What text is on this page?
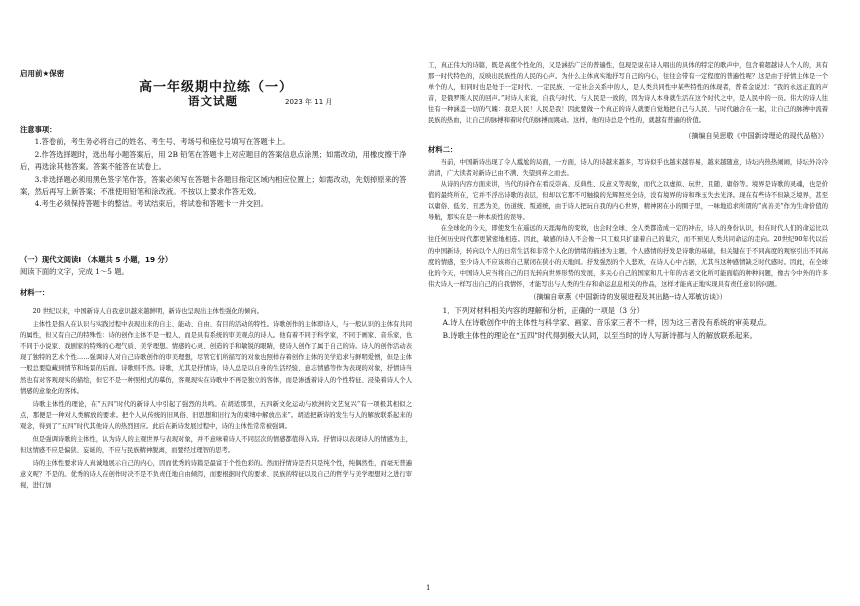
启用前★保密
高一年级期中拉练（一）
语文试题	2023 年 11 月
注意事项：

1.答卷前，考生务必将自己的姓名、考生号、考场号和座位号填写在答题卡上。

2.作答选择题时，选出每小题答案后，用 2B 铅笔在答题卡上对应题目的答案信息点涂黑；如需改动，用橡皮擦干净后，再选涂其他答案。答案不能答在试卷上。

3.非选择题必须用黑色签字笔作答，答案必须写在答题卡各题目指定区域内相应位置上；如需改动，先划掉原来的答案，然后再写上新答案；不准使用铅笔和涂改液。不按以上要求作答无效。

4.考生必须保持答题卡的整洁。考试结束后，将试卷和答题卡一并交回。

（一）现代文阅读Ⅰ （本题共 5 小题，19 分）
阅读下面的文字，完成 1～5 题。
材料一：

20 世纪以来，中国新诗人自我意识越来越鲜明，新诗也呈现出主体性强化的倾向。

主体性是指人在认识与实践过程中表现出来的自主、能动、自由、有目的活动的特性。诗歌创作的主体即诗人，与一般认识的主体有共同的属性，但又有自己的特殊性：诗的创作主体不是一般人，而是具有系统的审美观点的诗人。他有着不同于科学家，不同于画家、音乐家，也不同于小说家、戏剧家的特殊的心理气质、美学理想。情感的心灵、创造的手和敏锐的眼睛，使诗人创作了属于自己的诗。诗人的创作活动表现了独特的艺术个性……强调诗人对自己诗歌创作的审美理想，尽管它们所描写的对象也照样存着创作主体的美学追求与鲜明爱憎，但是主体一般总要隐藏到情节和场景的后面。诗歌则不然。诗歌，尤其是抒情诗，诗人总是以自身的生活经验、意志情感等作为表现的对象，抒情诗当然也有对客观现实的描绘，但它不是一种照相式的摹仿，客观现实在诗歌中不再是独立的客体，而是渗透着诗人的个性特征、浸染着诗人个人情感的意象化的客体。

诗歌主体性的理论，在“五四”时代的新诗人中引起了强烈的共鸣。在胡适那里，五四新文化运动与欧洲的文艺复兴“有一项极其相似之点，那便是一种对人类解放的要求。把个人从传统的旧风俗、旧思想和旧行为的束缚中解放出来”。胡适把新诗的发生与人的解放联系起来的观念，得到了“五四”时代其他诗人的热烈回应。此后在新诗发展过程中，诗的主体性常常被强调。

但是强调诗歌的主体性，认为诗人的主观世界与表现对象，并不意味着诗人不同层次的情感都值得入诗。抒情诗以表现诗人的情感为主，但这情感不应是偏狭、妄诞的，不应与民族精神脱离，而要经过理智的思考。

诗的主体性要求诗人真诚地展示自己的内心，因而优秀的诗篇是最富于个性色彩的。然而抒情诗是否只是纯个性，纯偶然性，而毫无普遍意义呢？不是的。优秀的诗人在创作时决不是不负责任地自由倾泻，而要根据时代的要求、民族的特征以及自己的哲学与美学理想对之进行审视，进行加

工，真正伟大的诗篇，既是高度个性化的，又是涵括广泛的普遍性，包现是说在诗人唱出的具体的特定的歌声中，包含着超越诗人个人的，具有那一时代特色的，反映出民族性的人民的心声。为什么主体真实地抒写自己的内心，往往会带有一定程度的普遍性呢？这是由于抒情主体是一个单个的人，但同时也是处于一定时代、一定民族、一定社会关系中的人，是人类共同性中某些特性的体现者，普希金说过：“我的永远正直的声音，是俄罗斯人民的回声。”对诗人来说，自我与时代、与人民是一致的，因为诗人本身就生活在这个时代之中，是人民中的一员。伟大的诗人往往有一种涵盖一切的气魄：我是人民！人民是我！因此要做一个真正的诗人就要自觉地把自己与人民、与时代融合在一起，让自己的脉搏中流着民族的热血，让自己的脉搏和着时代的脉搏而跳动。这样，他的诗总是个性的，就越有普遍的价值。

（摘编自吴思敬《中国新诗理论的现代品格》）
材料二：

当前，中国新诗出现了令人尴尬的局面，一方面，诗人的诗越来越多，写诗似乎也越来越容易，越来越随意，诗坛内热热闹闹，诗坛外冷冷清清，广大读者对新诗已由不满、失望到弃之而去。

从诗的内容方面来讲，当代的诗作在看反崇高、反典性、反意义等现象，而代之以虚拟、玩世、且随、庸俗等。境界是诗歌的灵魂，也是价值的最终所在，它并不浮出诗歌的表层，但却以它那不可触摸的光辉照亮全诗，没有境界的诗和珠玉失去光泽。现在有些诗不但缺乏境界，甚至以庸俗、低劣、丑恶为美，仿道统、叛道统，由于诗人把玩自我的内心世界，精神困在小的圈子里，一味地追求所谓的“真善美”作为生命价值的导航，那实在是一种本质性的误导。

在全球化的今天，即使发生在遥远的天涯海角的变故，也会时全球、全人类都造成一定的冲击，诗人的身份认识，但在时代人们的命运比以往任何历史时代都更紧密地相连。因此，敏感的诗人不会像一只工蚁只扩建着自己的巢穴，而不预见人类共同命运的走向。20世纪90年代以后的中国新诗，转向以个人的日常生活和非常个人化的情绪的描述为主题，个人感情的抒发是诗歌的基础，但关键在于不同高度的观察引出不同高度的情感，至少诗人不应该将自己紧闭在狭小的天地间。抒发强烈的个人悲欢，在诗人心中占据，尤其当这种感情缺乏时代感时。因此，在全球化的今天，中国诗人应当将自己的目光转向世界形势的发展，多关心自己的国家和几十年的古老文化所可能面临的种种问题，像古今中外的许多伟大诗人一样写出自己的自我情怀，才能写出与人类的生存和命运息息相关的作品，这样才能真正地实现具有责任意识的问题。

（摘编自章燕《中国新诗的发展进程及其出路--诗人郑敏访谈》）

1．下列对材料相关内容的理解和分析，正确的一项是（3 分）

A.诗人在诗歌创作中的主体性与科学家、画家、音乐家三者不一样，因为这三者没有系统的审美观点。

B.诗歌主体性的理论在“五四”时代得到极大认同，以至当时的诗人写新诗都与人的解放联系起来。

1
